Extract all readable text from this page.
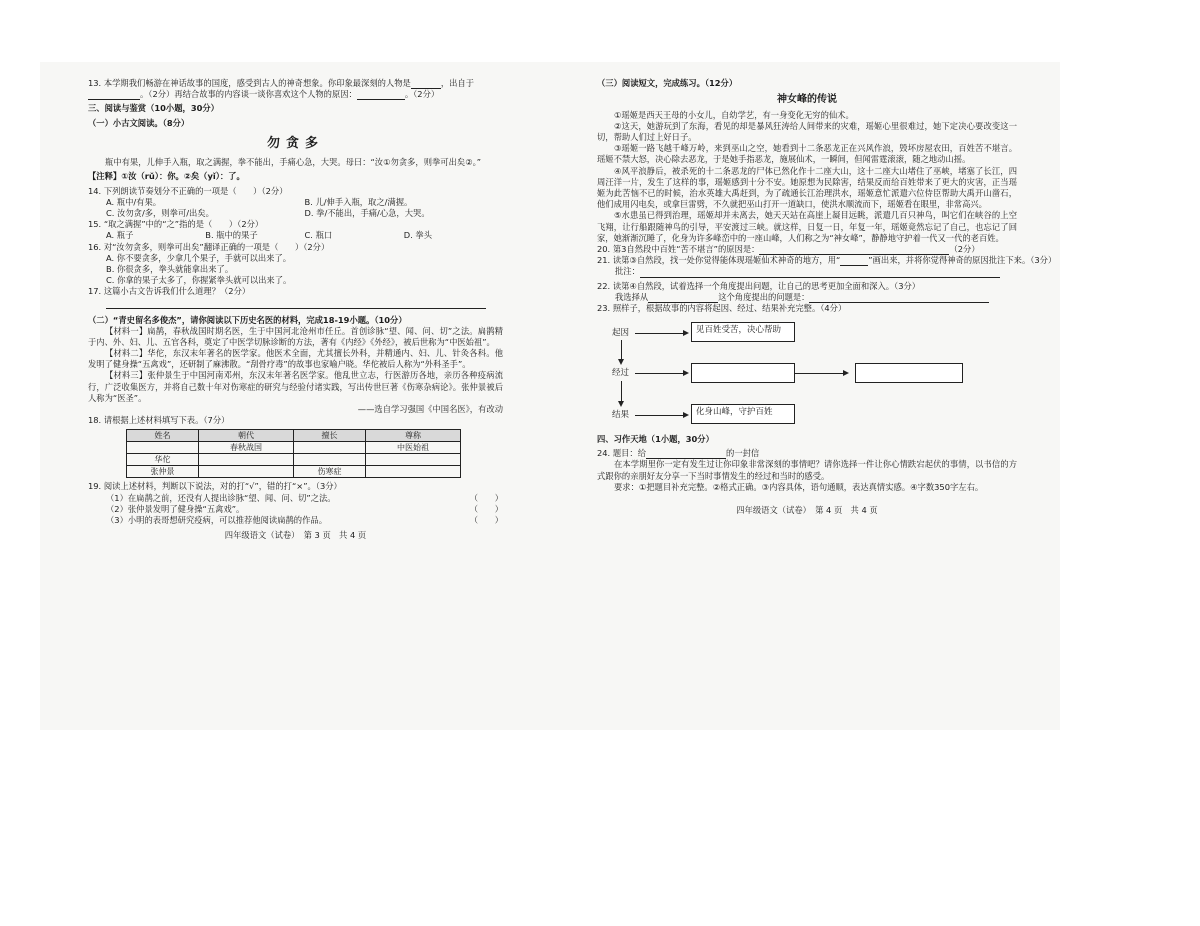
13. 本学期我们畅游在神话故事的国度，感受到古人的神奇想象。你印象最深刻的人物是	，出自于

。（2分）再结合故事的内容谈一谈你喜欢这个人物的原因：	。（2分）

三、阅读与鉴赏（10小题，30分）

（一）小古文阅读。（8分）

勿贪多

瓶中有果，儿伸手入瓶，取之满握，拳不能出，手痛心急，大哭。母曰：“汝①勿贪多，则拳可出矣②。”

【注释】①汝（rǔ）：你。②矣（yǐ）：了。

14. 下列朗读节奏划分不正确的一项是（　　）（2分）

A. 瓶中/有果。	B. 儿/伸手入瓶，取之/满握。
C. 汝勿贪/多，则拳可/出矣。	D. 拳/不能出，手痛/心急，大哭。

15. “取之满握”中的“之”指的是（　　）（2分）

A. 瓶子	B. 瓶中的果子	C. 瓶口	D. 拳头

16. 对“汝勿贪多，则拳可出矣”翻译正确的一项是（　　）（2分）

A. 你不要贪多，少拿几个果子，手就可以出来了。
B. 你很贪多，拳头就能拿出来了。
C. 你拿的果子太多了，你握紧拳头就可以出来了。

17. 这篇小古文告诉我们什么道理？（2分）

（二）“青史留名多俊杰”，请你阅读以下历史名医的材料，完成18-19小题。（10分）

【材料一】扁鹊，春秋战国时期名医，生于中国河北沧州市任丘。首创诊脉“望、闻、问、切”之法。扁鹊精于内、外、妇、儿、五官各科，奠定了中医学切脉诊断的方法，著有《内经》《外经》，被后世称为“中医始祖”。

【材料二】华佗，东汉末年著名的医学家。他医术全面，尤其擅长外科，并精通内、妇、儿、针灸各科。他发明了健身操“五禽戏”，还研制了麻沸散。“刮骨疗毒”的故事也家喻户晓。华佗被后人称为“外科圣手”。

【材料三】张仲景生于中国河南邓州，东汉末年著名医学家。他乱世立志，行医游历各地，亲历各种疫病流行，广泛收集医方，并将自己数十年对伤寒症的研究与经验付诸实践，写出传世巨著《伤寒杂病论》。张仲景被后人称为“医圣”。

——选自学习强国《中国名医》，有改动

18. 请根据上述材料填写下表。（7分）

姓名	朝代	擅长	尊称
	春秋战国		中医始祖
华佗			
张仲景		伤寒症	

19. 阅读上述材料，判断以下说法，对的打“√”，错的打“×”。（3分）

（1）在扁鹊之前，还没有人提出诊脉“望、闻、问、切”之法。	（　　）
（2）张仲景发明了健身操“五禽戏”。	（　　）
（3）小明的表哥想研究疫病，可以推荐他阅读扁鹊的作品。	（　　）
四年级语文（试卷）　第 3 页　共 4 页

（三）阅读短文，完成练习。（12分）

神女峰的传说

①瑶姬是西天王母的小女儿，自幼学艺，有一身变化无穷的仙术。

②这天，她游玩到了东海，看见的却是暴风狂涛给人间带来的灾难，瑶姬心里很难过，她下定决心要改变这一切，帮助人们过上好日子。

③瑶姬一路飞越千峰万岭，来到巫山之空，她看到十二条恶龙正在兴风作浪，毁坏房屋农田，百姓苦不堪言。瑶姬不禁大怒，决心除去恶龙，于是她手指恶龙，施展仙术，一瞬间，但闻雷霆滚滚，随之地动山摇。

④风平浪静后，被杀死的十二条恶龙的尸体已然化作十二座大山，这十二座大山堵住了巫峡，堵塞了长江，四周汪洋一片，发生了这样的事，瑶姬感到十分不安。她原想为民除害，结果反而给百姓带来了更大的灾害，正当瑶姬为此苦恼不已的时候，治水英雄大禹赶到，为了疏通长江治理洪水，瑶姬意忙派遣六位侍臣帮助大禹开山凿石，他们成用闪电矣，或拿巨雷劈，不久就把巫山打开一道缺口，使洪水顺流而下，瑶姬看在眼里，非常高兴。

⑤水患虽已得到治理，瑶姬却并未离去，她天天站在高崖上凝目远眺，派遣几百只神鸟，叫它们在峡谷的上空飞翔，让行船跟随神鸟的引导，平安渡过三峡。就这样，日复一日，年复一年，瑶姬竟然忘记了自己，也忘记了回家，她渐渐沉睡了，化身为许多峰峦中的一座山峰，人们称之为“神女峰”，静静地守护着一代又一代的老百姓。

20. 第3自然段中百姓“苦不堪言”的原因是：	（2分）

21. 读第③自然段，找一处你觉得能体现瑶姬仙术神奇的地方，用“	”画出来，并将你觉得神奇的原因批注下来。（3分）

批注：

22. 读第④自然段，试着选择一个角度提出问题，让自己的思考更加全面和深入。（3分）

我选择从	这个角度提出的问题是：

23. 照样子，根据故事的内容将起因、经过、结果补充完整。（4分）

起因
经过
结果
见百姓受苦，决心帮助
化身山峰，守护百姓

四、习作天地（1小题，30分）

24. 题目：给	的一封信

在本学期里你一定有发生过让你印象非常深刻的事情吧？请你选择一件让你心情跌宕起伏的事情，以书信的方式跟你的亲朋好友分享一下当时事情发生的经过和当时的感受。

要求：①把题目补充完整。②格式正确。③内容具体，语句通顺，表达真情实感。④字数350字左右。

四年级语文（试卷）　第 4 页　共 4 页
